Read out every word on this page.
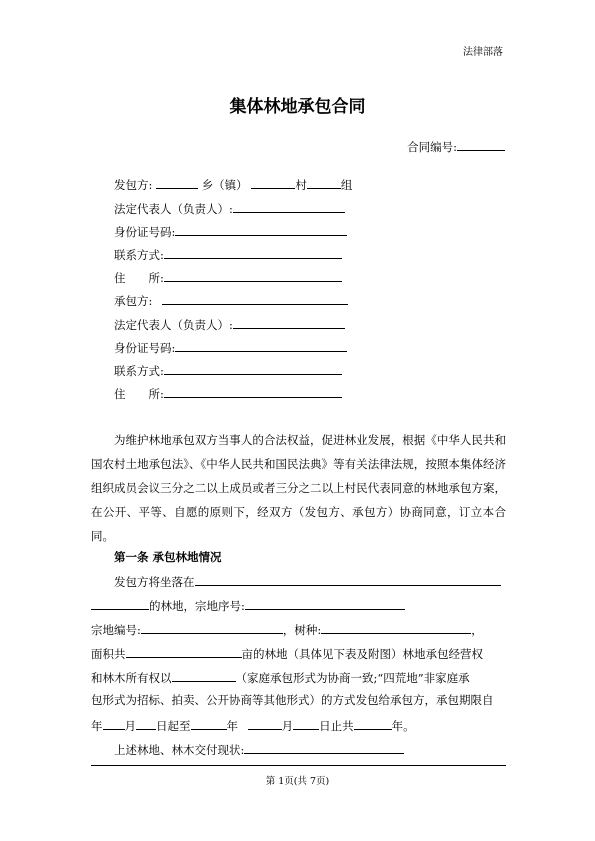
法律部落
集体林地承包合同
合同编号:
发包方:	乡（镇）	村	组
法定代表人（负责人）:
身份证号码:
联系方式:
住　　所:
承包方:
法定代表人（负责人）:
身份证号码:
联系方式:
住　　所:
为维护林地承包双方当事人的合法权益，促进林业发展，根据《中华人民共和国农村土地承包法》、《中华人民共和国民法典》等有关法律法规，按照本集体经济组织成员会议三分之二以上成员或者三分之二以上村民代表同意的林地承包方案，在公开、平等、自愿的原则下，经双方（发包方、承包方）协商同意，订立本合同。
第一条 承包林地情况
发包方将坐落在
的林地，宗地序号:
宗地编号:	，树种:	，
面积共	亩的林地（具体见下表及附图）林地承包经营权
和林木所有权以	（家庭承包形式为协商一致;“四荒地”非家庭承
包形式为招标、拍卖、公开协商等其他形式）的方式发包给承包方，承包期限自
年 月 日起至	年	月 日止共	年。
上述林地、林木交付现状:
第 1页(共 7页)
